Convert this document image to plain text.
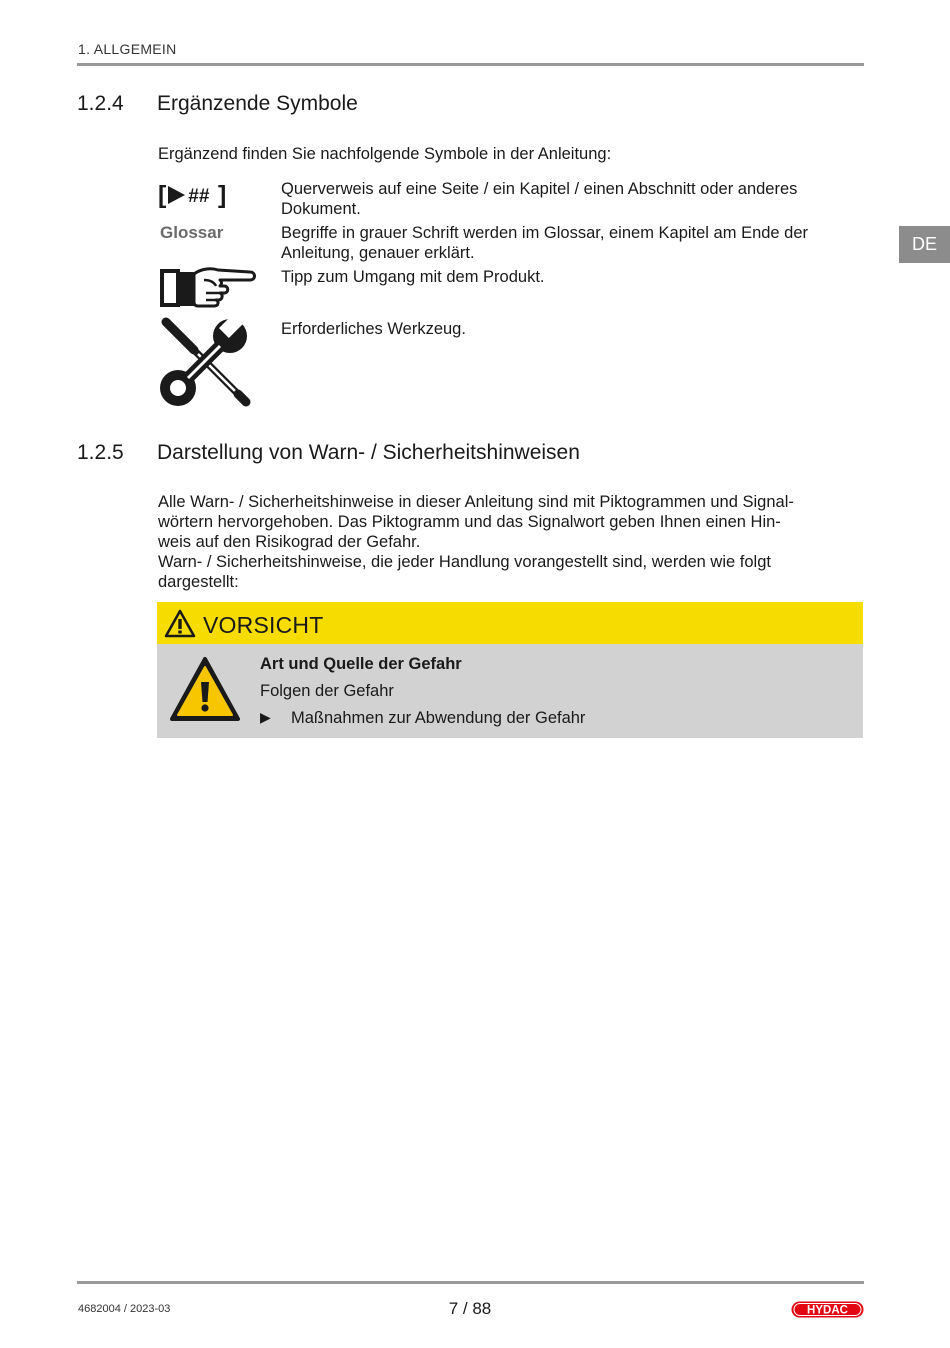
1. ALLGEMEIN
DE
1.2.4 Ergänzende Symbole
Ergänzend finden Sie nachfolgende Symbole in der Anleitung:
[ ## ]	Querverweis auf eine Seite / ein Kapitel / einen Abschnitt oder anderes Dokument.
Glossar	Begriffe in grauer Schrift werden im Glossar, einem Kapitel am Ende der Anleitung, genauer erklärt.
Tipp zum Umgang mit dem Produkt.
Erforderliches Werkzeug.
1.2.5 Darstellung von Warn- / Sicherheitshinweisen
Alle Warn- / Sicherheitshinweise in dieser Anleitung sind mit Piktogrammen und Signal-
wörtern hervorgehoben. Das Piktogramm und das Signalwort geben Ihnen einen Hin-
weis auf den Risikograd der Gefahr.
Warn- / Sicherheitshinweise, die jeder Handlung vorangestellt sind, werden wie folgt
dargestellt:
VORSICHT
Art und Quelle der Gefahr
Folgen der Gefahr
▶ Maßnahmen zur Abwendung der Gefahr
4682004 / 2023-03	7 / 88	HYDAC
